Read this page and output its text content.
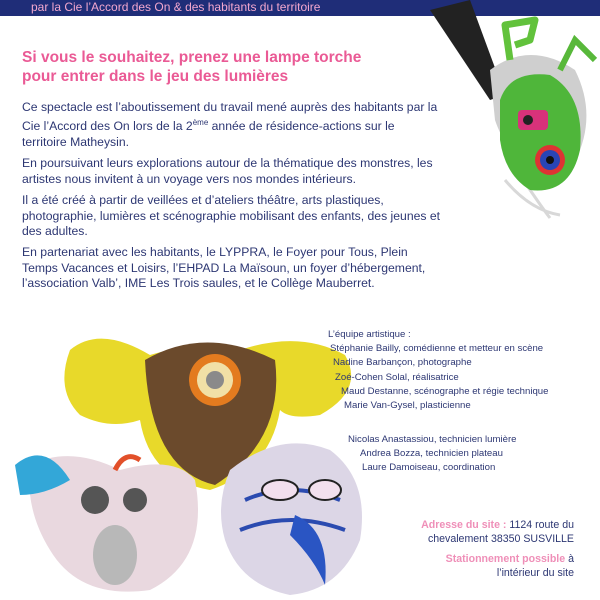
par la Cie l’Accord des On & des habitants du territoire
Si vous le souhaitez, prenez une lampe torche
pour entrer dans le jeu des lumières

Ce spectacle est l’aboutissement du travail mené auprès des habitants par la Cie l’Accord des On lors de la 2ème année de résidence-actions sur le territoire Matheysin.

En poursuivant leurs explorations autour de la thématique des monstres, les artistes nous invitent à un voyage vers nos mondes intérieurs.

Il a été créé à partir de veillées et d’ateliers théâtre, arts plastiques, photographie, lumières et scénographie mobilisant des enfants, des jeunes et des adultes.

En partenariat avec les habitants, le LYPPRA, le Foyer pour Tous, Plein Temps Vacances et Loisirs, l’EHPAD La Maïsoun, un foyer d’hébergement, l’association Valb’, IME Les Trois saules, et le Collège Mauberret.

L’équipe artistique :
Stéphanie Bailly, comédienne et metteur en scène
Nadine Barbançon, photographe
Zoé-Cohen Solal, réalisatrice
Maud Destanne, scénographe et régie technique
Marie Van-Gysel, plasticienne
Nicolas Anastassiou, technicien lumière
Andrea Bozza, technicien plateau
Laure Damoiseau, coordination

Adresse du site : 1124 route du
chevalement 38350 SUSVILLE

Stationnement possible à
l’intérieur du site
